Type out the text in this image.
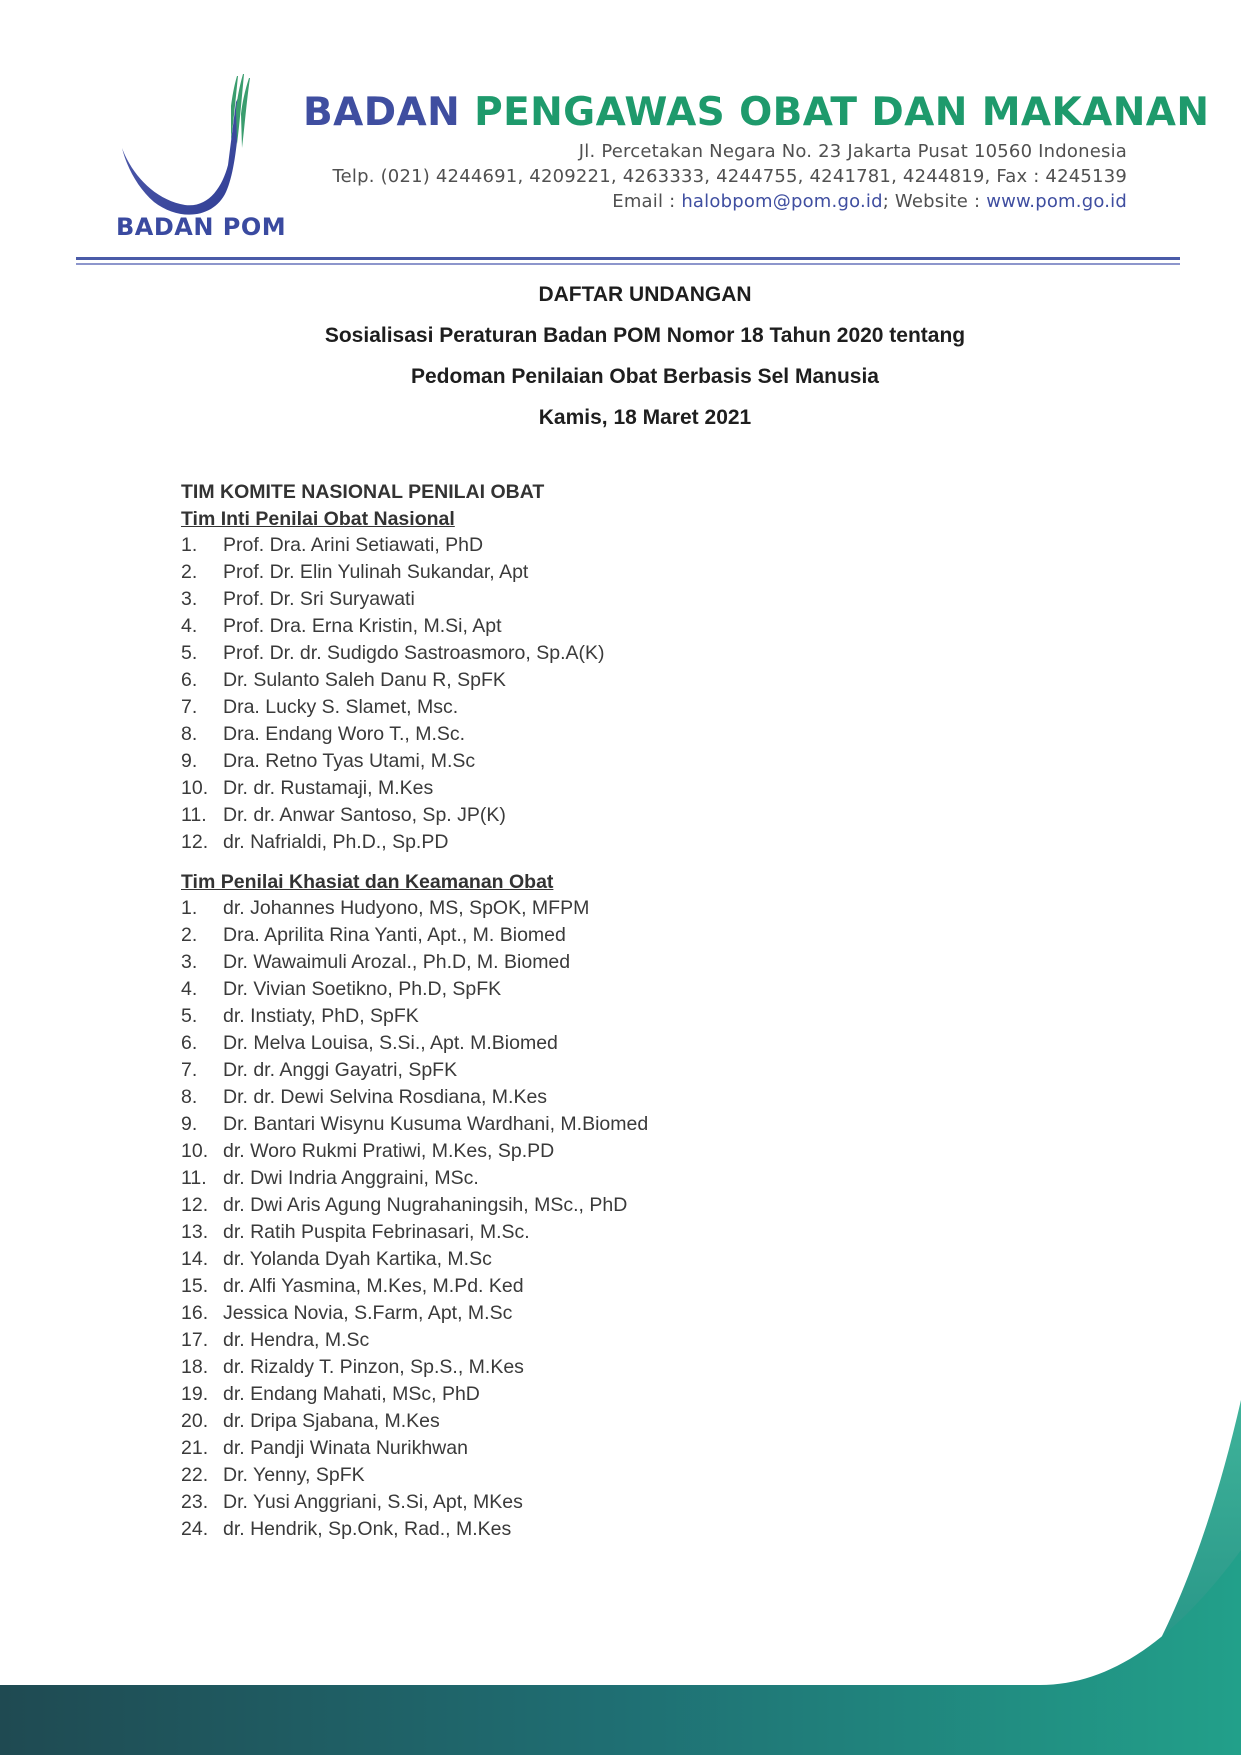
BADAN POM
BADAN PENGAWAS OBAT DAN MAKANAN
Jl. Percetakan Negara No. 23 Jakarta Pusat 10560 Indonesia
Telp. (021) 4244691, 4209221, 4263333, 4244755, 4241781, 4244819, Fax : 4245139
Email : halobpom@pom.go.id; Website : www.pom.go.id
DAFTAR UNDANGAN
Sosialisasi Peraturan Badan POM Nomor 18 Tahun 2020 tentang
Pedoman Penilaian Obat Berbasis Sel Manusia
Kamis, 18 Maret 2021
TIM KOMITE NASIONAL PENILAI OBAT
Tim Inti Penilai Obat Nasional
1.	Prof. Dra. Arini Setiawati, PhD
2.	Prof. Dr. Elin Yulinah Sukandar, Apt
3.	Prof. Dr. Sri Suryawati
4.	Prof. Dra. Erna Kristin, M.Si, Apt
5.	Prof. Dr. dr. Sudigdo Sastroasmoro, Sp.A(K)
6.	Dr. Sulanto Saleh Danu R, SpFK
7.	Dra. Lucky S. Slamet, Msc.
8.	Dra. Endang Woro T., M.Sc.
9.	Dra. Retno Tyas Utami, M.Sc
10. Dr. dr. Rustamaji, M.Kes
11. Dr. dr. Anwar Santoso, Sp. JP(K)
12. dr. Nafrialdi, Ph.D., Sp.PD
Tim Penilai Khasiat dan Keamanan Obat
1.	dr. Johannes Hudyono, MS, SpOK, MFPM
2.	Dra. Aprilita Rina Yanti, Apt., M. Biomed
3.	Dr. Wawaimuli Arozal., Ph.D, M. Biomed
4.	Dr. Vivian Soetikno, Ph.D, SpFK
5.	dr. Instiaty, PhD, SpFK
6.	Dr. Melva Louisa, S.Si., Apt. M.Biomed
7.	Dr. dr. Anggi Gayatri, SpFK
8.	Dr. dr. Dewi Selvina Rosdiana, M.Kes
9.	Dr. Bantari Wisynu Kusuma Wardhani, M.Biomed
10. dr. Woro Rukmi Pratiwi, M.Kes, Sp.PD
11. dr. Dwi Indria Anggraini, MSc.
12. dr. Dwi Aris Agung Nugrahaningsih, MSc., PhD
13. dr. Ratih Puspita Febrinasari, M.Sc.
14. dr. Yolanda Dyah Kartika, M.Sc
15. dr. Alfi Yasmina, M.Kes, M.Pd. Ked
16. Jessica Novia, S.Farm, Apt, M.Sc
17. dr. Hendra, M.Sc
18. dr. Rizaldy T. Pinzon, Sp.S., M.Kes
19. dr. Endang Mahati, MSc, PhD
20. dr. Dripa Sjabana, M.Kes
21. dr. Pandji Winata Nurikhwan
22. Dr. Yenny, SpFK
23. Dr. Yusi Anggriani, S.Si, Apt, MKes
24. dr. Hendrik, Sp.Onk, Rad., M.Kes
